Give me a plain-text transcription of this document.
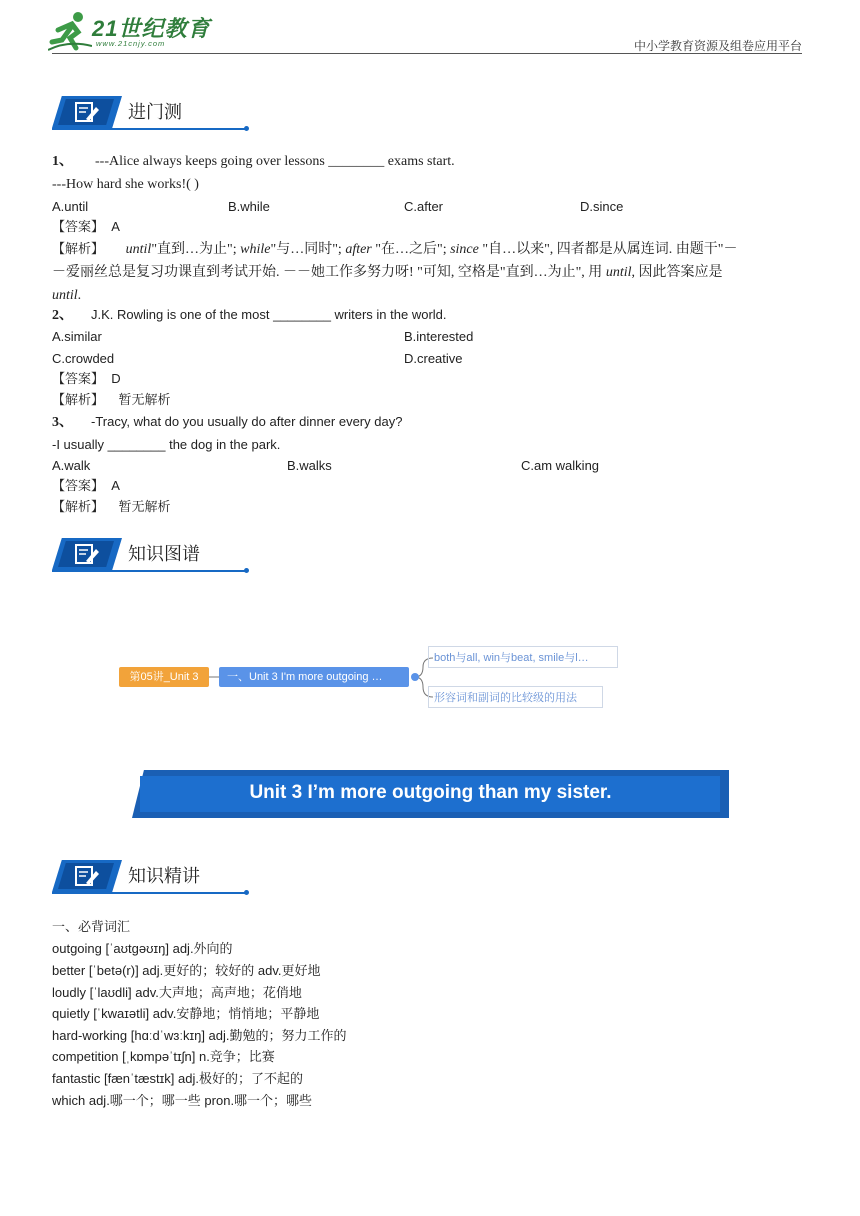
21世纪教育
www.21cnjy.com	中小学教育资源及组卷应用平台
进门测
1、 ---Alice always keeps going over lessons ________ exams start.
---How hard she works!( )
A.until	B.while	C.after	D.since
【答案】 A
【解析】 until"直到…为止"; while"与…同时"; after "在…之后"; since "自…以来", 四者都是从属连词. 由题干"－
－爱丽丝总是复习功课直到考试开始. －－她工作多努力呀! "可知, 空格是"直到…为止", 用 until, 因此答案应是
until.
2、 J.K. Rowling is one of the most ________ writers in the world.
A.similar	B.interested
C.crowded	D.creative
【答案】 D
【解析】 暂无解析
3、 -Tracy, what do you usually do after dinner every day?
-I usually ________ the dog in the park.
A.walk	B.walks	C.am walking
【答案】 A
【解析】 暂无解析
知识图谱
第05讲_Unit 3	一、Unit 3 I'm more outgoing …
both与all, win与beat, smile与l…
形容词和副词的比较级的用法
Unit 3 I’m more outgoing than my sister.
知识精讲
一、必背词汇
outgoing [ˈaʊtɡəʊɪŋ] adj.外向的
better [ˈbetə(r)] adj.更好的；较好的 adv.更好地
loudly [ˈlaʊdli] adv.大声地；高声地；花俏地
quietly [ˈkwaɪətli] adv.安静地；悄悄地；平静地
hard-working [hɑːdˈwɜːkɪŋ] adj.勤勉的；努力工作的
competition [ˌkɒmpəˈtɪʃn] n.竞争；比赛
fantastic [fænˈtæstɪk] adj.极好的；了不起的
which adj.哪一个；哪一些 pron.哪一个；哪些
